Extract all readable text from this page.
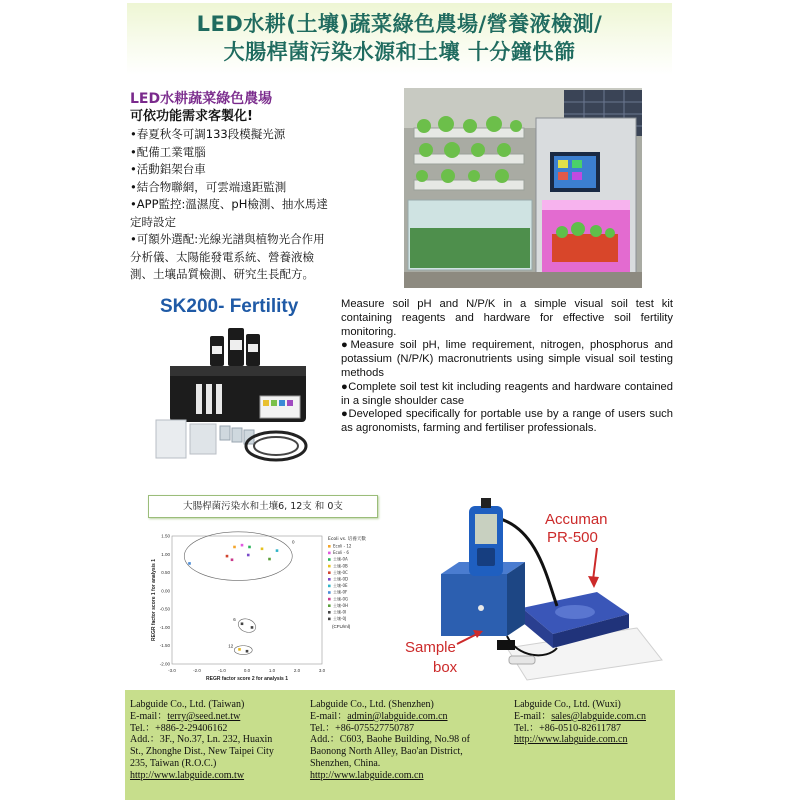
LED水耕(土壤)蔬菜綠色農場/營養液檢測/
大腸桿菌污染水源和土壤 十分鐘快篩
LED水耕蔬菜綠色農場
可依功能需求客製化!
•春夏秋冬可調133段模擬光源
•配備工業電腦
•活動鋁架台車
•結合物聯網，可雲端遠距監測
•APP監控:溫濕度、pH檢測、抽水馬達
定時設定
•可額外選配:光線光譜與植物光合作用
分析儀、太陽能發電系統、營養液檢
測、土壤品質檢測、研究生長配方。
SK200- Fertility	Measure soil pH and N/P/K in a simple visual soil test kit containing reagents and hardware for effective soil fertility monitoring.

●Measure soil pH, lime requirement, nitrogen, phosphorus and potassium (N/P/K) macronutrients using simple visual soil testing methods

●Complete soil test kit including reagents and hardware contained in a single shoulder case

●Developed specifically for portable use by a range of users such as agronomists, farming and fertiliser professionals.

大腸桿菌污染水和土壤6, 12支 和 0支
-3.0	-2.0	-1.0	0.0	1.0	2.0	3.0
1.50
1.00
0.50
0.00
-0.50
-1.00
-1.50
-2.00
REGR factor score 2 for analysis 1
REGR factor score 1 for analysis 1
0
6
12
Ecoli vs. 培養天數
Ecoli - 12
Ecoli - 6
土壤-0A
土壤-0B
土壤-0C
土壤-0D
土壤-0E
土壤-0F
土壤-0G
土壤-0H
土壤-0I
土壤-0J
(CFU/ml)
Accuman
PR-500
Sample
box
Labguide Co., Ltd. (Taiwan)
E-mail：terry@seed.net.tw
Tel.：+886-2-29406162
Add.：3F., No.37, Ln. 232, Huaxin
St., Zhonghe Dist., New Taipei City
235, Taiwan (R.O.C.)
http://www.labguide.com.tw
Labguide Co., Ltd. (Shenzhen)
E-mail：admin@labguide.com.cn
Tel.：+86-075527750787
Add.：C603, Baohe Building, No.98 of
Baonong North Alley, Bao'an District,
Shenzhen, China.
http://www.labguide.com.cn
Labguide Co., Ltd. (Wuxi)
E-mail：sales@labguide.com.cn
Tel.：+86-0510-82611787
http://www.labguide.com.cn
